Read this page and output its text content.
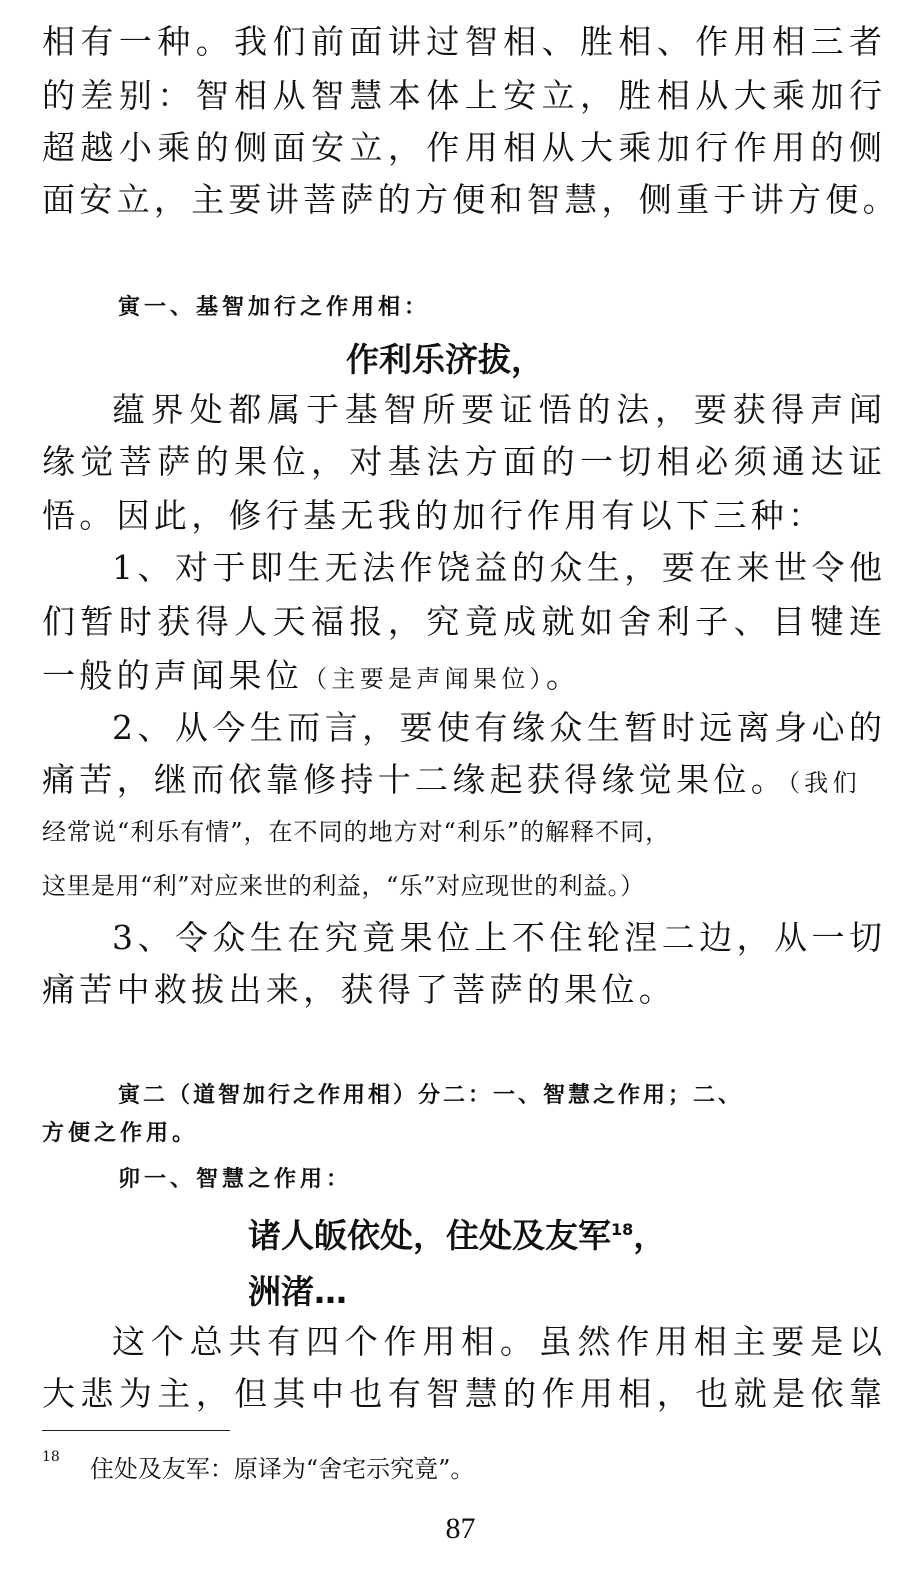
相有一种。我们前面讲过智相、胜相、作用相三者
的差别：智相从智慧本体上安立，胜相从大乘加行
超越小乘的侧面安立，作用相从大乘加行作用的侧
面安立，主要讲菩萨的方便和智慧，侧重于讲方便。
寅一、基智加行之作用相：
作利乐济拔，
蕴界处都属于基智所要证悟的法，要获得声闻
缘觉菩萨的果位，对基法方面的一切相必须通达证
悟。因此，修行基无我的加行作用有以下三种：
1、对于即生无法作饶益的众生，要在来世令他
们暂时获得人天福报，究竟成就如舍利子、目犍连
一般的声闻果位（主要是声闻果位）。
2、从今生而言，要使有缘众生暂时远离身心的
痛苦，继而依靠修持十二缘起获得缘觉果位。（我们
经常说“利乐有情”，在不同的地方对“利乐”的解释不同，
这里是用“利”对应来世的利益，“乐”对应现世的利益。）
3、令众生在究竟果位上不住轮涅二边，从一切
痛苦中救拔出来，获得了菩萨的果位。
寅二（道智加行之作用相）分二：一、智慧之作用；二、
方便之作用。
卯一、智慧之作用：
诸人皈依处，住处及友军$^{18}$，
洲渚…
这个总共有四个作用相。虽然作用相主要是以
大悲为主，但其中也有智慧的作用相，也就是依靠
$^{18}$ 住处及友军：原译为“舍宅示究竟”。
87
